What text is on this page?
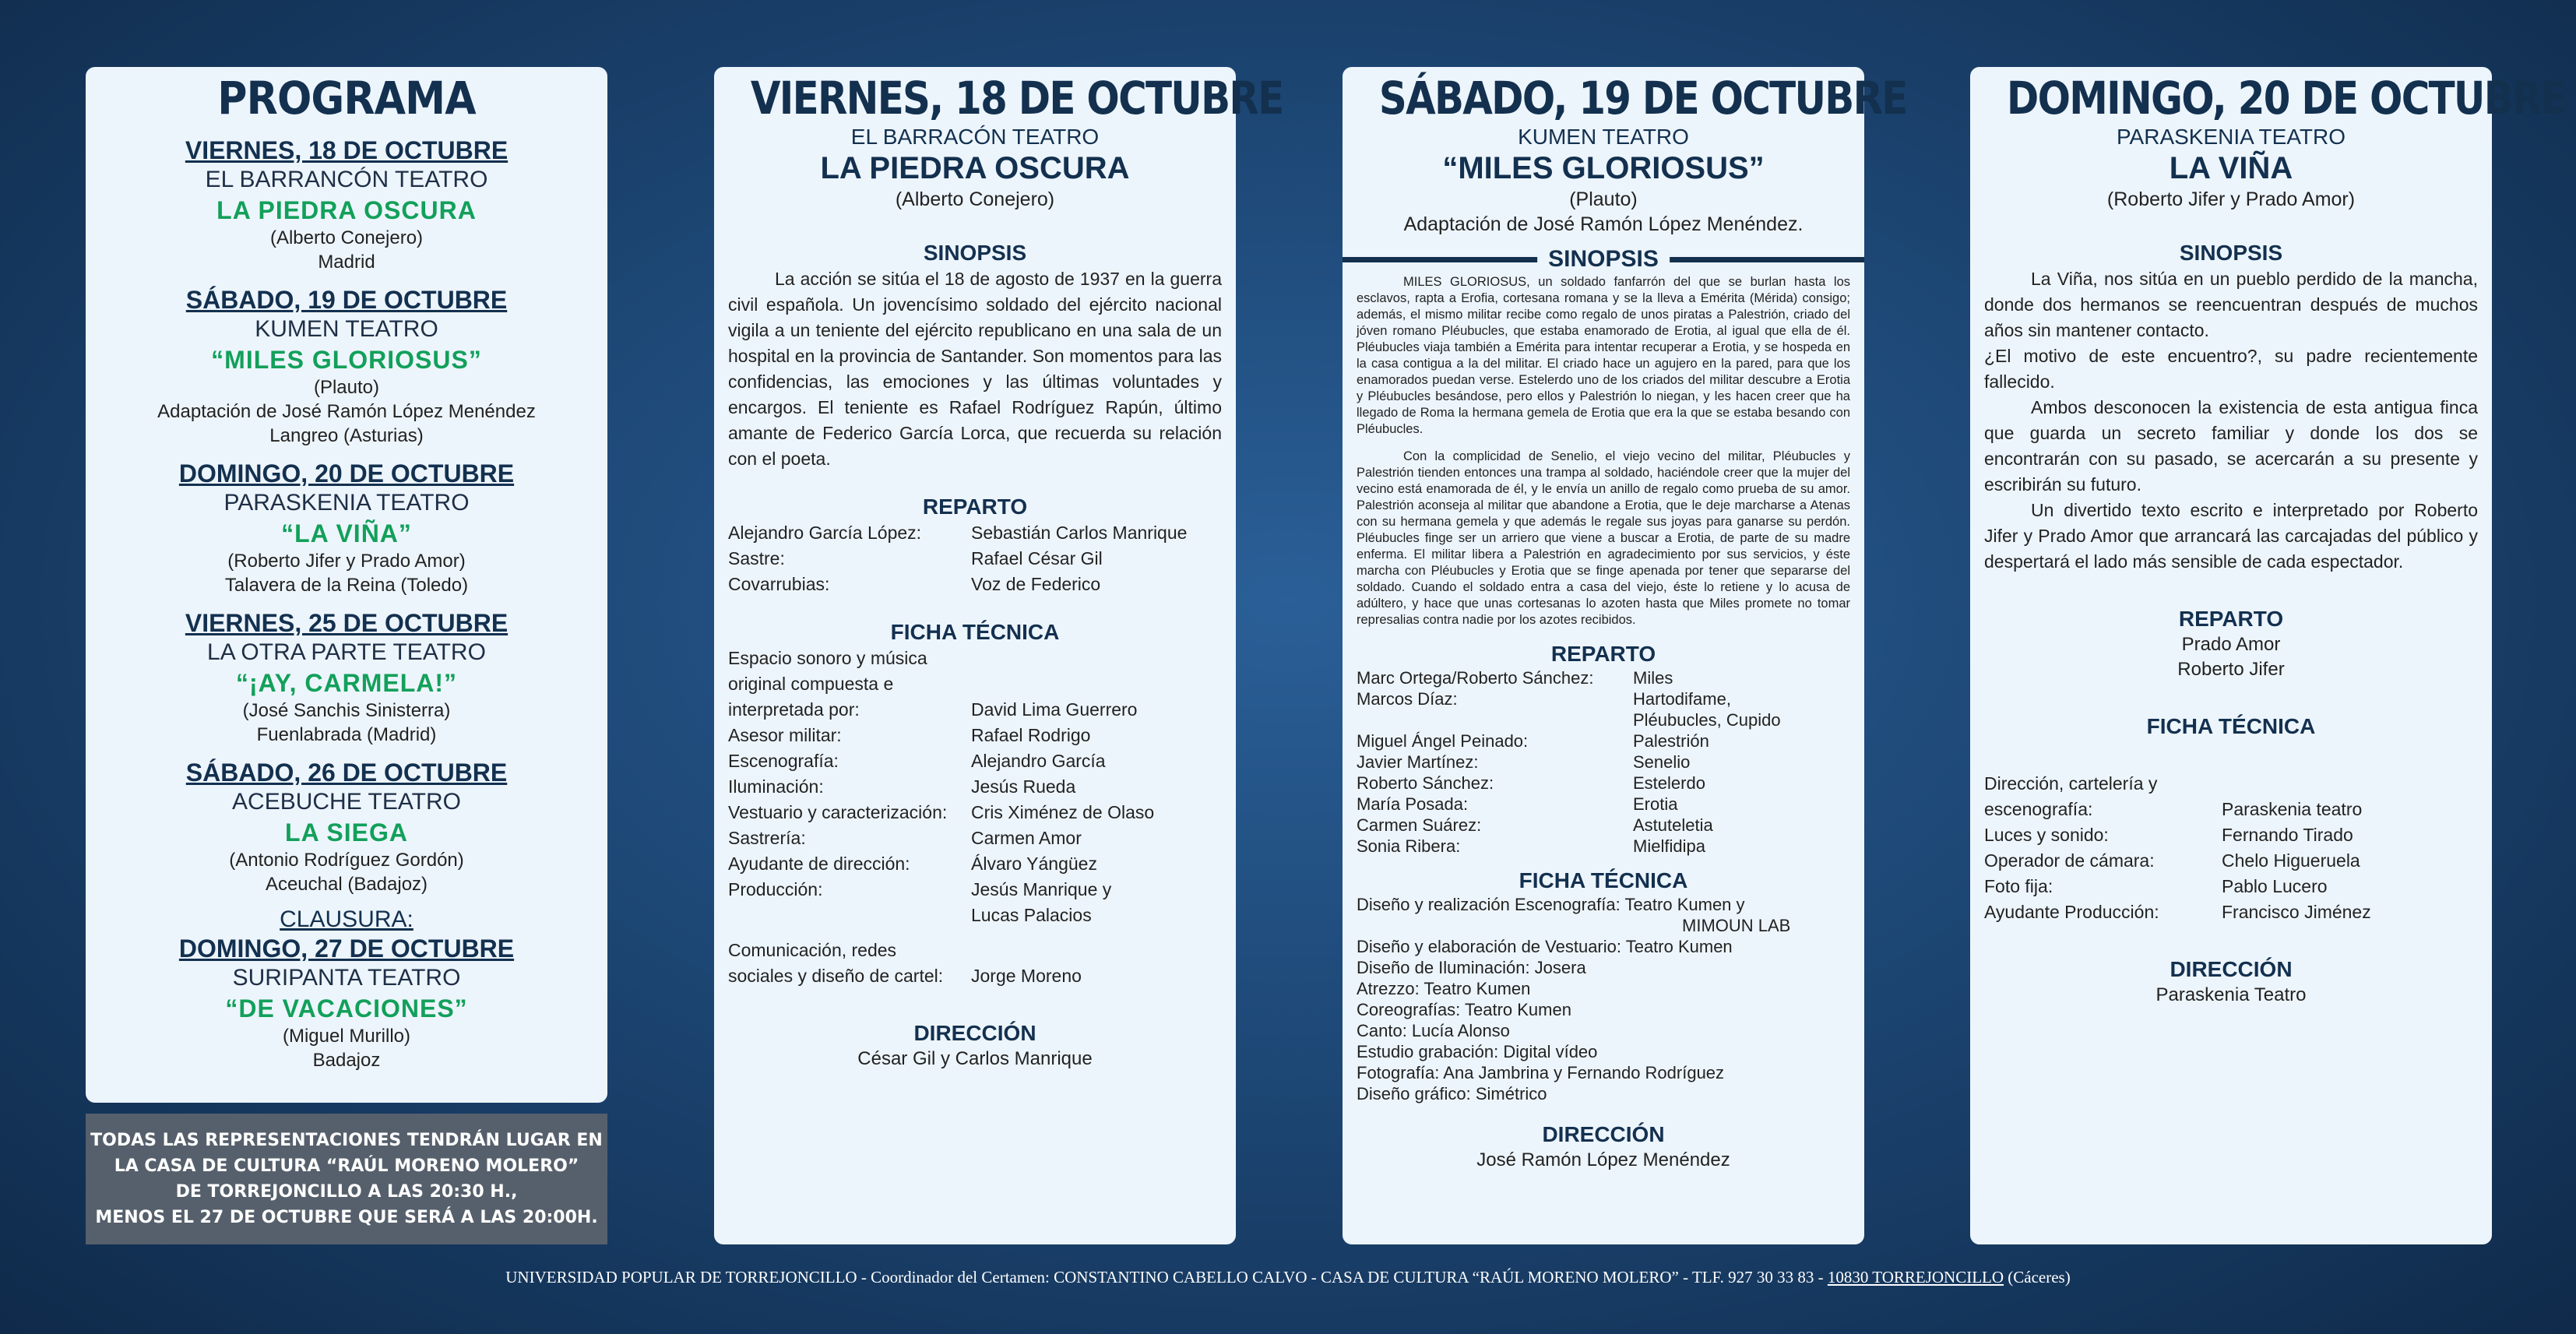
PROGRAMA
VIERNES, 18 DE OCTUBRE
EL BARRANCÓN TEATRO
LA PIEDRA OSCURA
(Alberto Conejero)
Madrid
SÁBADO, 19 DE OCTUBRE
KUMEN TEATRO
“MILES GLORIOSUS”
(Plauto)
Adaptación de José Ramón López Menéndez
Langreo (Asturias)
DOMINGO, 20 DE OCTUBRE
PARASKENIA TEATRO
“LA VIÑA”
(Roberto Jifer y Prado Amor)
Talavera de la Reina (Toledo)
VIERNES, 25 DE OCTUBRE
LA OTRA PARTE TEATRO
“¡AY, CARMELA!”
(José Sanchis Sinisterra)
Fuenlabrada (Madrid)
SÁBADO, 26 DE OCTUBRE
ACEBUCHE TEATRO
LA SIEGA
(Antonio Rodríguez Gordón)
Aceuchal (Badajoz)
CLAUSURA:
DOMINGO, 27 DE OCTUBRE
SURIPANTA TEATRO
“DE VACACIONES”
(Miguel Murillo)
Badajoz
TODAS LAS REPRESENTACIONES TENDRÁN LUGAR EN
LA CASA DE CULTURA “RAÚL MORENO MOLERO”
DE TORREJONCILLO A LAS 20:30 H.,
MENOS EL 27 DE OCTUBRE QUE SERÁ A LAS 20:00H.
VIERNES, 18 DE OCTUBRE
EL BARRACÓN TEATRO
LA PIEDRA OSCURA
(Alberto Conejero)
SINOPSIS
La acción se sitúa el 18 de agosto de 1937 en la guerra civil española. Un jovencísimo soldado del ejército nacional vigila a un teniente del ejército republicano en una sala de un hospital en la provincia de Santander. Son momentos para las confidencias, las emociones y las últimas voluntades y encargos. El teniente es Rafael Rodríguez Rapún, último amante de Federico García Lorca, que recuerda su relación con el poeta.
REPARTO
Alejandro García López:	Sebastián Carlos Manrique
Sastre:	Rafael César Gil
Covarrubias:	Voz de Federico
FICHA TÉCNICA
Espacio sonoro y música
original compuesta e
interpretada por:	David Lima Guerrero
Asesor militar:	Rafael Rodrigo
Escenografía:	Alejandro García
Iluminación:	Jesús Rueda
Vestuario y caracterización:	Cris Ximénez de Olaso
Sastrería:	Carmen Amor
Ayudante de dirección:	Álvaro Yángüez
Producción:	Jesús Manrique y
Lucas Palacios
Comunicación, redes
sociales y diseño de cartel:	Jorge Moreno
DIRECCIÓN
César Gil y Carlos Manrique
SÁBADO, 19 DE OCTUBRE
KUMEN TEATRO
“MILES GLORIOSUS”
(Plauto)
Adaptación de José Ramón López Menéndez.
SINOPSIS
MILES GLORIOSUS, un soldado fanfarrón del que se burlan hasta los esclavos, rapta a Erofia, cortesana romana y se la lleva a Emérita (Mérida) consigo; además, el mismo militar recibe como regalo de unos piratas a Palestrión, criado del jóven romano Pléubucles, que estaba enamorado de Erotia, al igual que ella de él. Pléubucles viaja también a Emérita para intentar recuperar a Erotia, y se hospeda en la casa contigua a la del militar. El criado hace un agujero en la pared, para que los enamorados puedan verse. Estelerdo uno de los criados del militar descubre a Erotia y Pléubucles besándose, pero ellos y Palestrión lo niegan, y les hacen creer que ha llegado de Roma la hermana gemela de Erotia que era la que se estaba besando con Pléubucles.
Con la complicidad de Senelio, el viejo vecino del militar, Pléubucles y Palestrión tienden entonces una trampa al soldado, haciéndole creer que la mujer del vecino está enamorada de él, y le envía un anillo de regalo como prueba de su amor. Palestrión aconseja al militar que abandone a Erotia, que le deje marcharse a Atenas con su hermana gemela y que además le regale sus joyas para ganarse su perdón. Pléubucles finge ser un arriero que viene a buscar a Erotia, de parte de su madre enferma. El militar libera a Palestrión en agradecimiento por sus servicios, y éste marcha con Pléubucles y Erotia que se finge apenada por tener que separarse del soldado. Cuando el soldado entra a casa del viejo, éste lo retiene y lo acusa de adúltero, y hace que unas cortesanas lo azoten hasta que Miles promete no tomar represalias contra nadie por los azotes recibidos.
REPARTO
Marc Ortega/Roberto Sánchez:	Miles
Marcos Díaz:	Hartodifame,
Pléubucles, Cupido
Miguel Ángel Peinado:	Palestrión
Javier Martínez:	Senelio
Roberto Sánchez:	Estelerdo
María Posada:	Erotia
Carmen Suárez:	Astuteletia
Sonia Ribera:	Mielfidipa
FICHA TÉCNICA
Diseño y realización Escenografía: Teatro Kumen y
MIMOUN LAB
Diseño y elaboración de Vestuario: Teatro Kumen
Diseño de Iluminación: Josera
Atrezzo: Teatro Kumen
Coreografías: Teatro Kumen
Canto: Lucía Alonso
Estudio grabación: Digital vídeo
Fotografía: Ana Jambrina y Fernando Rodríguez
Diseño gráfico: Simétrico
DIRECCIÓN
José Ramón López Menéndez
DOMINGO, 20 DE OCTUBRE
PARASKENIA TEATRO
LA VIÑA
(Roberto Jifer y Prado Amor)
SINOPSIS
La Viña, nos sitúa en un pueblo perdido de la mancha, donde dos hermanos se reencuentran después de muchos años sin mantener contacto.
¿El motivo de este encuentro?, su padre recientemente fallecido.
Ambos desconocen la existencia de esta antigua finca que guarda un secreto familiar y donde los dos se encontrarán con su pasado, se acercarán a su presente y escribirán su futuro.
Un divertido texto escrito e interpretado por Roberto Jifer y Prado Amor que arrancará las carcajadas del público y despertará el lado más sensible de cada espectador.
REPARTO
Prado Amor
Roberto Jifer
FICHA TÉCNICA
Dirección, cartelería y
escenografía:	Paraskenia teatro
Luces y sonido:	Fernando Tirado
Operador de cámara:	Chelo Higueruela
Foto fija:	Pablo Lucero
Ayudante Producción:	Francisco Jiménez
DIRECCIÓN
Paraskenia Teatro
UNIVERSIDAD POPULAR DE TORREJONCILLO - Coordinador del Certamen: CONSTANTINO CABELLO CALVO - CASA DE CULTURA “RAÚL MORENO MOLERO” - TLF. 927 30 33 83 - 10830 TORREJONCILLO (Cáceres)
